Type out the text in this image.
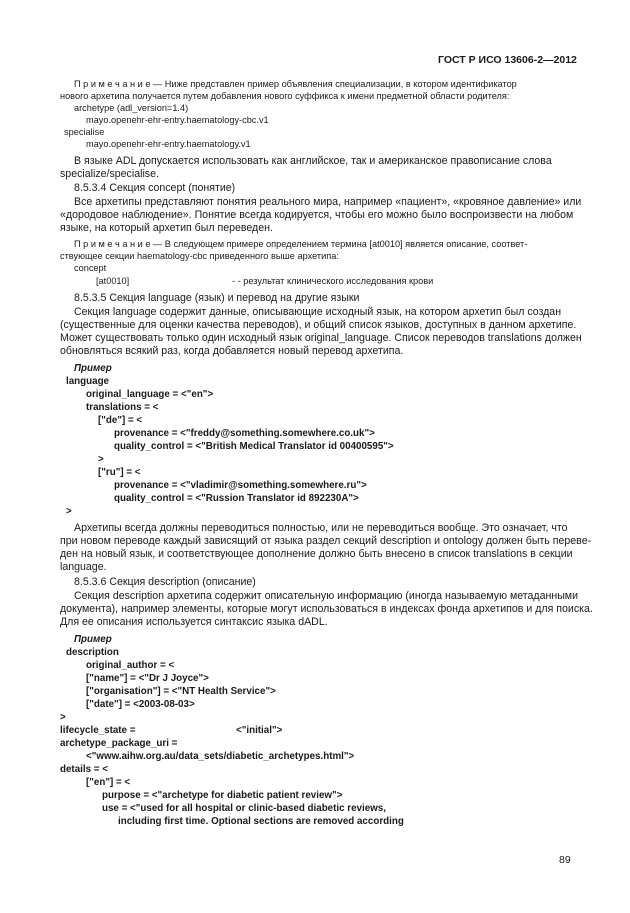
ГОСТ Р ИСО 13606-2—2012
П р и м е ч а н и е — Ниже представлен пример объявления специализации, в котором идентификатор
нового архетипа получается путем добавления нового суффикса к имени предметной области родителя:
archetype (adl_version=1.4)
mayo.openehr-ehr-entry.haematology-cbc.v1
specialise
mayo.openehr-ehr-entry.haematology.v1
В языке ADL допускается использовать как английское, так и американское правописание слова
specialize/specialise.
8.5.3.4 Секция concept (понятие)
Все архетипы представляют понятия реального мира, например «пациент», «кровяное давление» или
«дородовое наблюдение». Понятие всегда кодируется, чтобы его можно было воспроизвести на любом
языке, на который архетип был переведен.
П р и м е ч а н и е — В следующем примере определением термина [at0010] является описание, соответ-
ствующее секции haematology-cbc приведенного выше архетипа:
concept
[at0010]	- - результат клинического исследования крови
8.5.3.5 Секция language (язык) и перевод на другие языки
Секция language содержит данные, описывающие исходный язык, на котором архетип был создан
(существенные для оценки качества переводов), и общий список языков, доступных в данном архетипе.
Может существовать только один исходный язык original_language. Список переводов translations должен
обновляться всякий раз, когда добавляется новый перевод архетипа.
Пример
language
original_language = <"en">
translations = <
["de"] = <
provenance = <"freddy@something.somewhere.co.uk">
quality_control = <"British Medical Translator id 00400595">
>
["ru"] = <
provenance = <"vladimir@something.somewhere.ru">
quality_control = <"Russion Translator id 892230A">
>
Архетипы всегда должны переводиться полностью, или не переводиться вообще. Это означает, что
при новом переводе каждый зависящий от языка раздел секций description и ontology должен быть переве-
ден на новый язык, и соответствующее дополнение должно быть внесено в список translations в секции
language.
8.5.3.6 Секция description (описание)
Секция description архетипа содержит описательную информацию (иногда называемую метаданными
документа), например элементы, которые могут использоваться в индексах фонда архетипов и для поиска.
Для ее описания используется синтаксис языка dADL.
Пример
description
original_author = <
["name"] = <"Dr J Joyce">
["organisation"] = <"NT Health Service">
["date"] = <2003-08-03>
>
lifecycle_state =	<"initial">
archetype_package_uri =
<"www.aihw.org.au/data_sets/diabetic_archetypes.html">
details = <
["en"] = <
purpose = <"archetype for diabetic patient review">
use = <"used for all hospital or clinic-based diabetic reviews,
including first time. Optional sections are removed according
89
